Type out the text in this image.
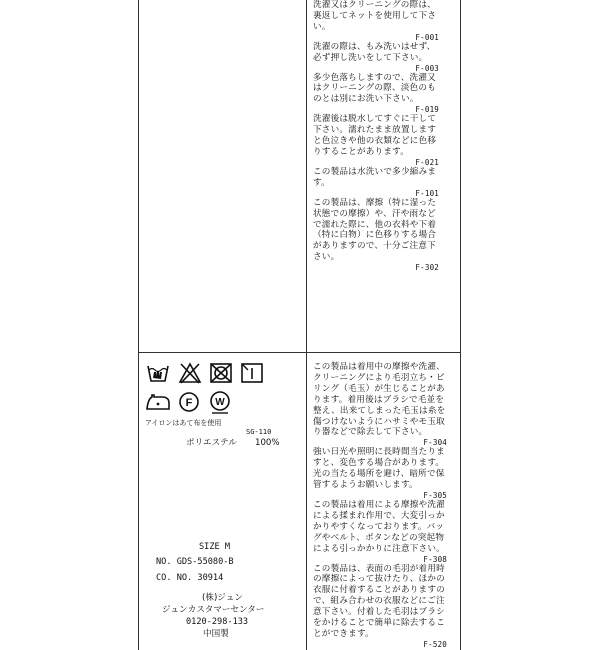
洗濯又はクリーニングの際は、裏返してネットを使用して下さい。
F-001
洗濯の際は、もみ洗いはせず、必ず押し洗いをして下さい。
F-003
多少色落ちしますので、洗濯又はクリーニングの際、淡色のものとは別にお洗い下さい。
F-019
洗濯後は脱水してすぐに干して下さい。濡れたまま放置しますと色泣きや他の衣類などに色移りすることがあります。
F-021
この製品は水洗いで多少縮みます。
F-101
この製品は、摩擦（特に湿った状態での摩擦）や、汗や雨などで濡れた際に、他の衣料や下着（特に白物）に色移りする場合がありますので、十分ご注意下さい。
F-302
この製品は着用中の摩擦や洗濯、クリーニングにより毛羽立ち・ピリング（毛玉）が生じることがあります。着用後はブラシで毛並を整え、出来てしまった毛玉は糸を傷つけないようにハサミやモ玉取り器などで除去して下さい。
F-304
強い日光や照明に長時間当たりますと、変色する場合があります。光の当たる場所を避け、暗所で保管するようお願いします。
F-305
この製品は着用による摩擦や洗濯による揉まれ作用で、大変引っかかりやすくなっております。バッグやベルト、ボタンなどの突起物による引っかかりに注意下さい。
F-308
この製品は、表面の毛羽が着用時の摩擦によって抜けたり、ほかの衣服に付着することがありますので、組み合わせの衣服などにご注意下さい。付着した毛羽はブラシをかけることで簡単に除去することができます。
F-520
F W
アイロンはあて布を使用
SG-110
ポリエステル 100%
SIZE M
NO. GDS-55080-B
CO. NO. 30914
(株)ジュン
ジュンカスタマーセンター
0120-298-133
中国製
